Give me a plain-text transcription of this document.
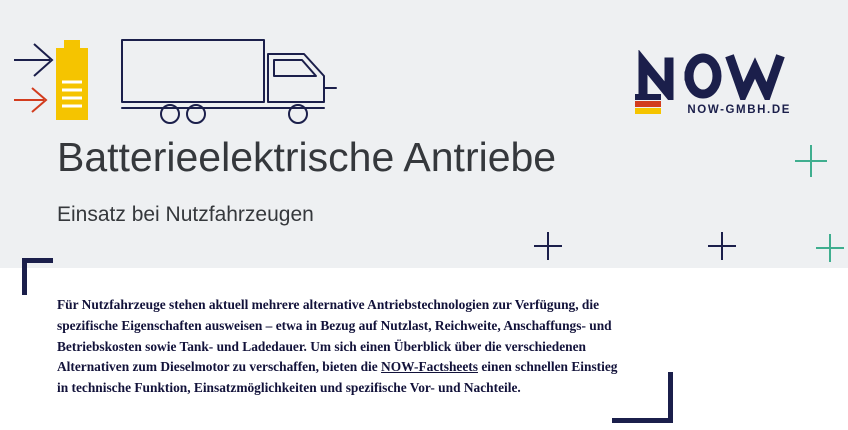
NOW-GMBH.DE
Batterieelektrische Antriebe
Einsatz bei Nutzfahrzeugen

Für Nutzfahrzeuge stehen aktuell mehrere alternative Antriebstechnologien zur Verfügung, die spezifische Eigenschaften ausweisen – etwa in Bezug auf Nutzlast, Reichweite, Anschaffungs- und Betriebskosten sowie Tank- und Ladedauer. Um sich einen Überblick über die verschiedenen Alternativen zum Dieselmotor zu verschaffen, bieten die NOW-Factsheets einen schnellen Einstieg in technische Funktion, Einsatzmöglichkeiten und spezifische Vor- und Nachteile.
